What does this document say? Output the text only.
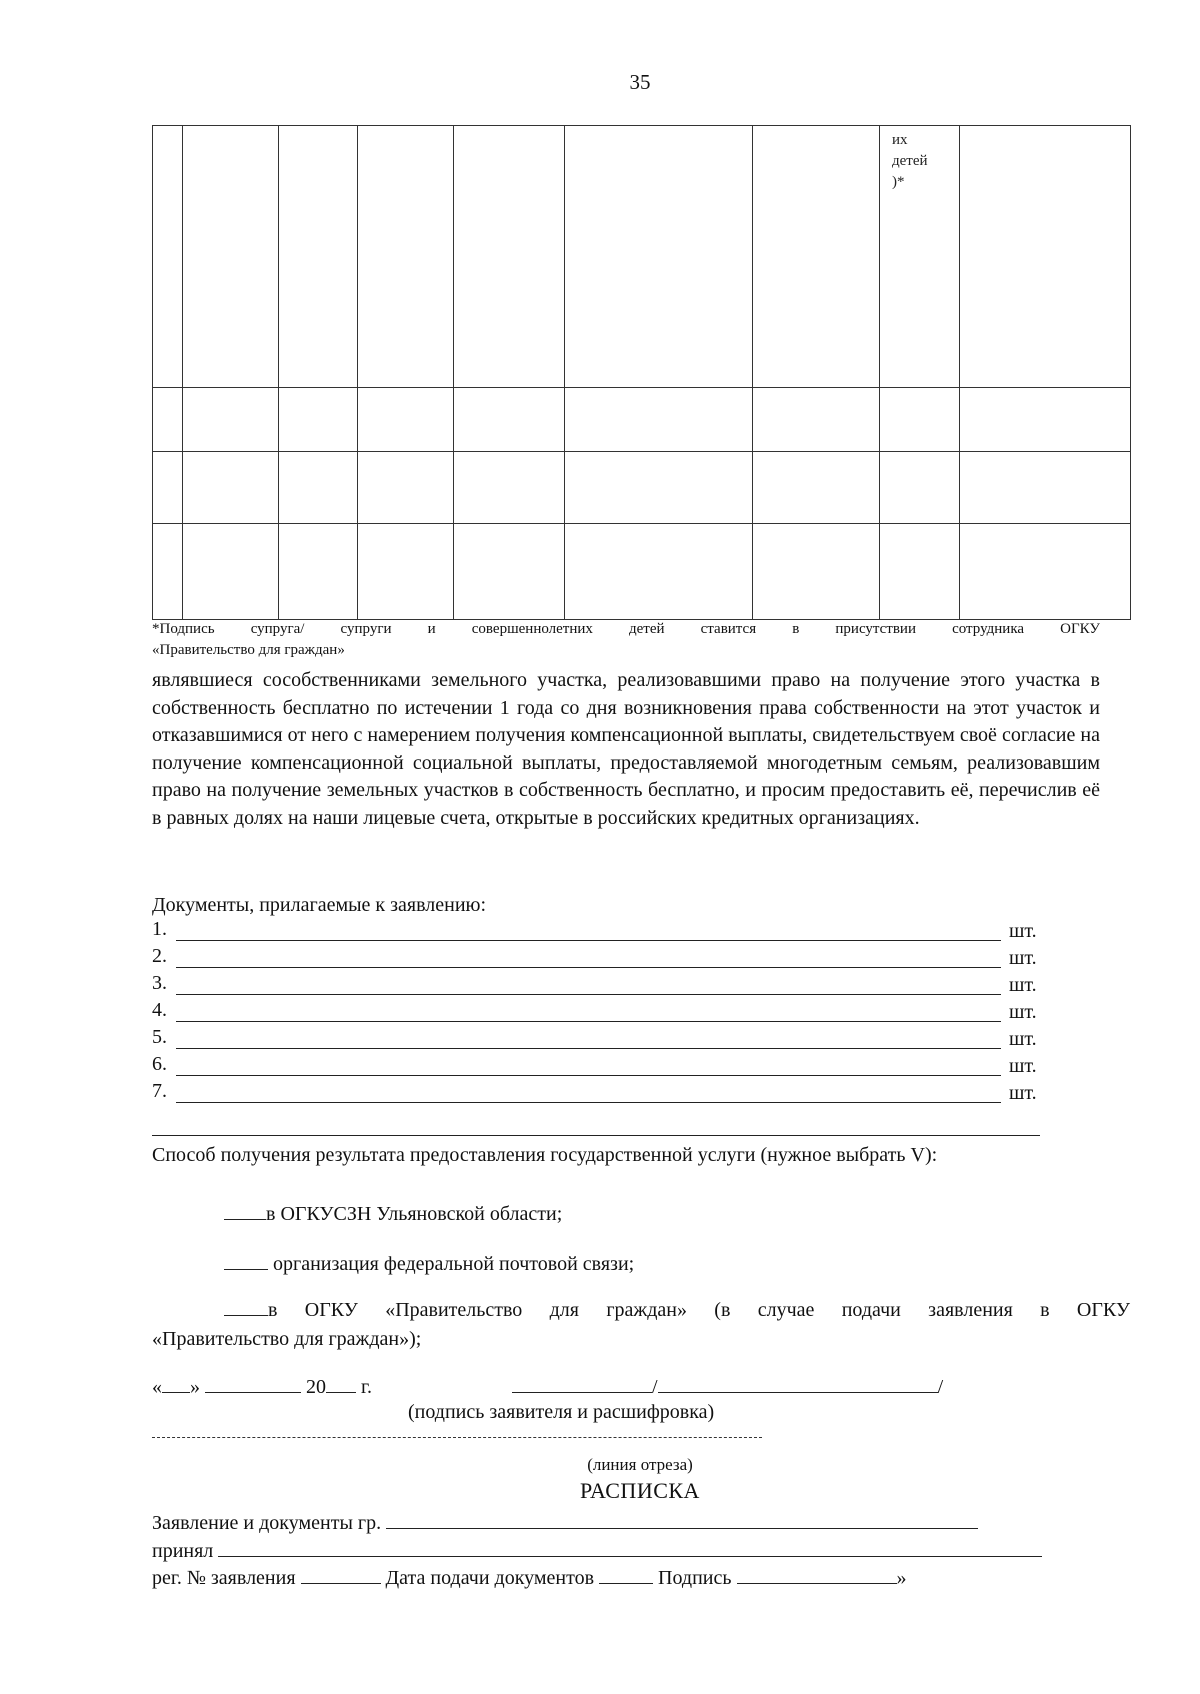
35

							их
детей
)*	

*Подпись супруга/ супруги и совершеннолетних детей ставится в присутствии сотрудника ОГКУ
«Правительство для граждан»
являвшиеся сособственниками земельного участка, реализовавшими право на получение этого участка в собственность бесплатно по истечении 1 года со дня возникновения права собственности на этот участок и отказавшимися от него с намерением получения компенсационной выплаты, свидетельствуем своё согласие на получение компенсационной социальной выплаты, предоставляемой многодетным семьям, реализовавшим право на получение земельных участков в собственность бесплатно, и просим предоставить её, перечислив её в равных долях на наши лицевые счета, открытые в российских кредитных организациях.
Документы, прилагаемые к заявлению:
1.	шт.
2.	шт.
3.	шт.
4.	шт.
5.	шт.
6.	шт.
7.	шт.
Способ получения результата предоставления государственной услуги (нужное выбрать V):
в ОГКУСЗН Ульяновской области;
организация федеральной почтовой связи;
в ОГКУ «Правительство для граждан» (в случае подачи заявления в ОГКУ
«Правительство для граждан»);
« »	20 г.	/	/
(подпись заявителя и расшифровка)
(линия отреза)
РАСПИСКА
Заявление и документы гр.
принял
рег. № заявления	Дата подачи документов	Подпись	»
